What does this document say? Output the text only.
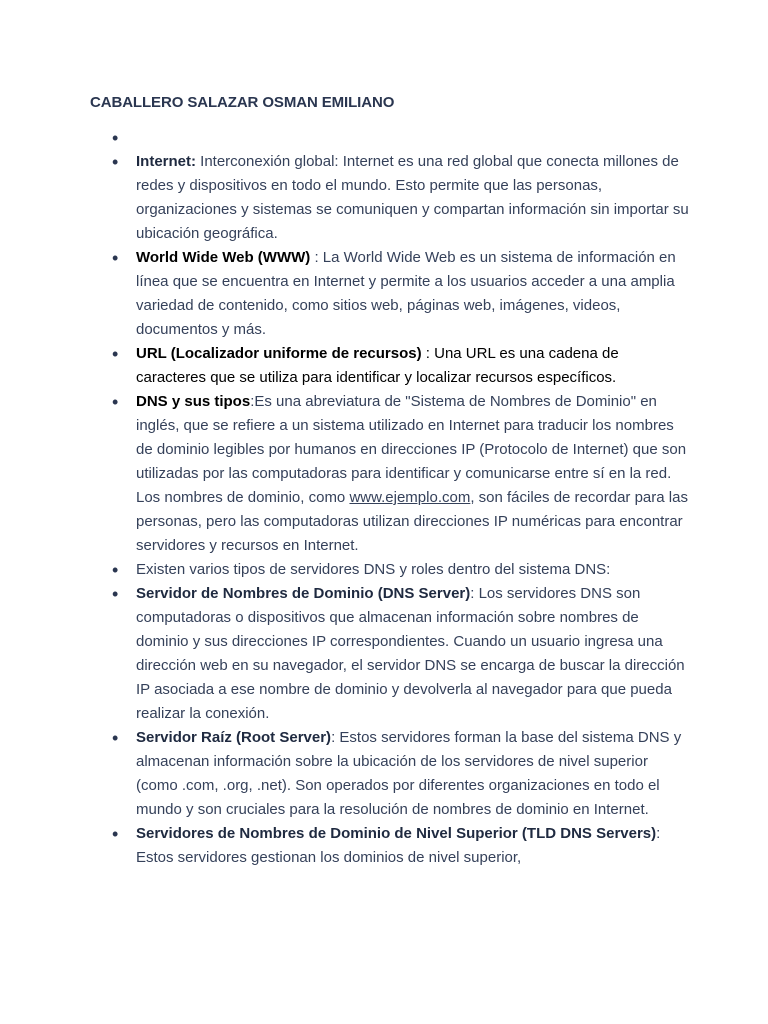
CABALLERO SALAZAR OSMAN EMILIANO
•
• Internet: Interconexión global: Internet es una red global que conecta millones de redes y dispositivos en todo el mundo. Esto permite que las personas, organizaciones y sistemas se comuniquen y compartan información sin importar su ubicación geográfica.
• World Wide Web (WWW) : La World Wide Web es un sistema de información en línea que se encuentra en Internet y permite a los usuarios acceder a una amplia variedad de contenido, como sitios web, páginas web, imágenes, videos, documentos y más.
• URL (Localizador uniforme de recursos) : Una URL es una cadena de caracteres que se utiliza para identificar y localizar recursos específicos.
• DNS y sus tipos:Es una abreviatura de "Sistema de Nombres de Dominio" en inglés, que se refiere a un sistema utilizado en Internet para traducir los nombres de dominio legibles por humanos en direcciones IP (Protocolo de Internet) que son utilizadas por las computadoras para identificar y comunicarse entre sí en la red. Los nombres de dominio, como www.ejemplo.com, son fáciles de recordar para las personas, pero las computadoras utilizan direcciones IP numéricas para encontrar servidores y recursos en Internet.
• Existen varios tipos de servidores DNS y roles dentro del sistema DNS:
• Servidor de Nombres de Dominio (DNS Server): Los servidores DNS son computadoras o dispositivos que almacenan información sobre nombres de dominio y sus direcciones IP correspondientes. Cuando un usuario ingresa una dirección web en su navegador, el servidor DNS se encarga de buscar la dirección IP asociada a ese nombre de dominio y devolverla al navegador para que pueda realizar la conexión.
• Servidor Raíz (Root Server): Estos servidores forman la base del sistema DNS y almacenan información sobre la ubicación de los servidores de nivel superior (como .com, .org, .net). Son operados por diferentes organizaciones en todo el mundo y son cruciales para la resolución de nombres de dominio en Internet.
• Servidores de Nombres de Dominio de Nivel Superior (TLD DNS Servers): Estos servidores gestionan los dominios de nivel superior,
